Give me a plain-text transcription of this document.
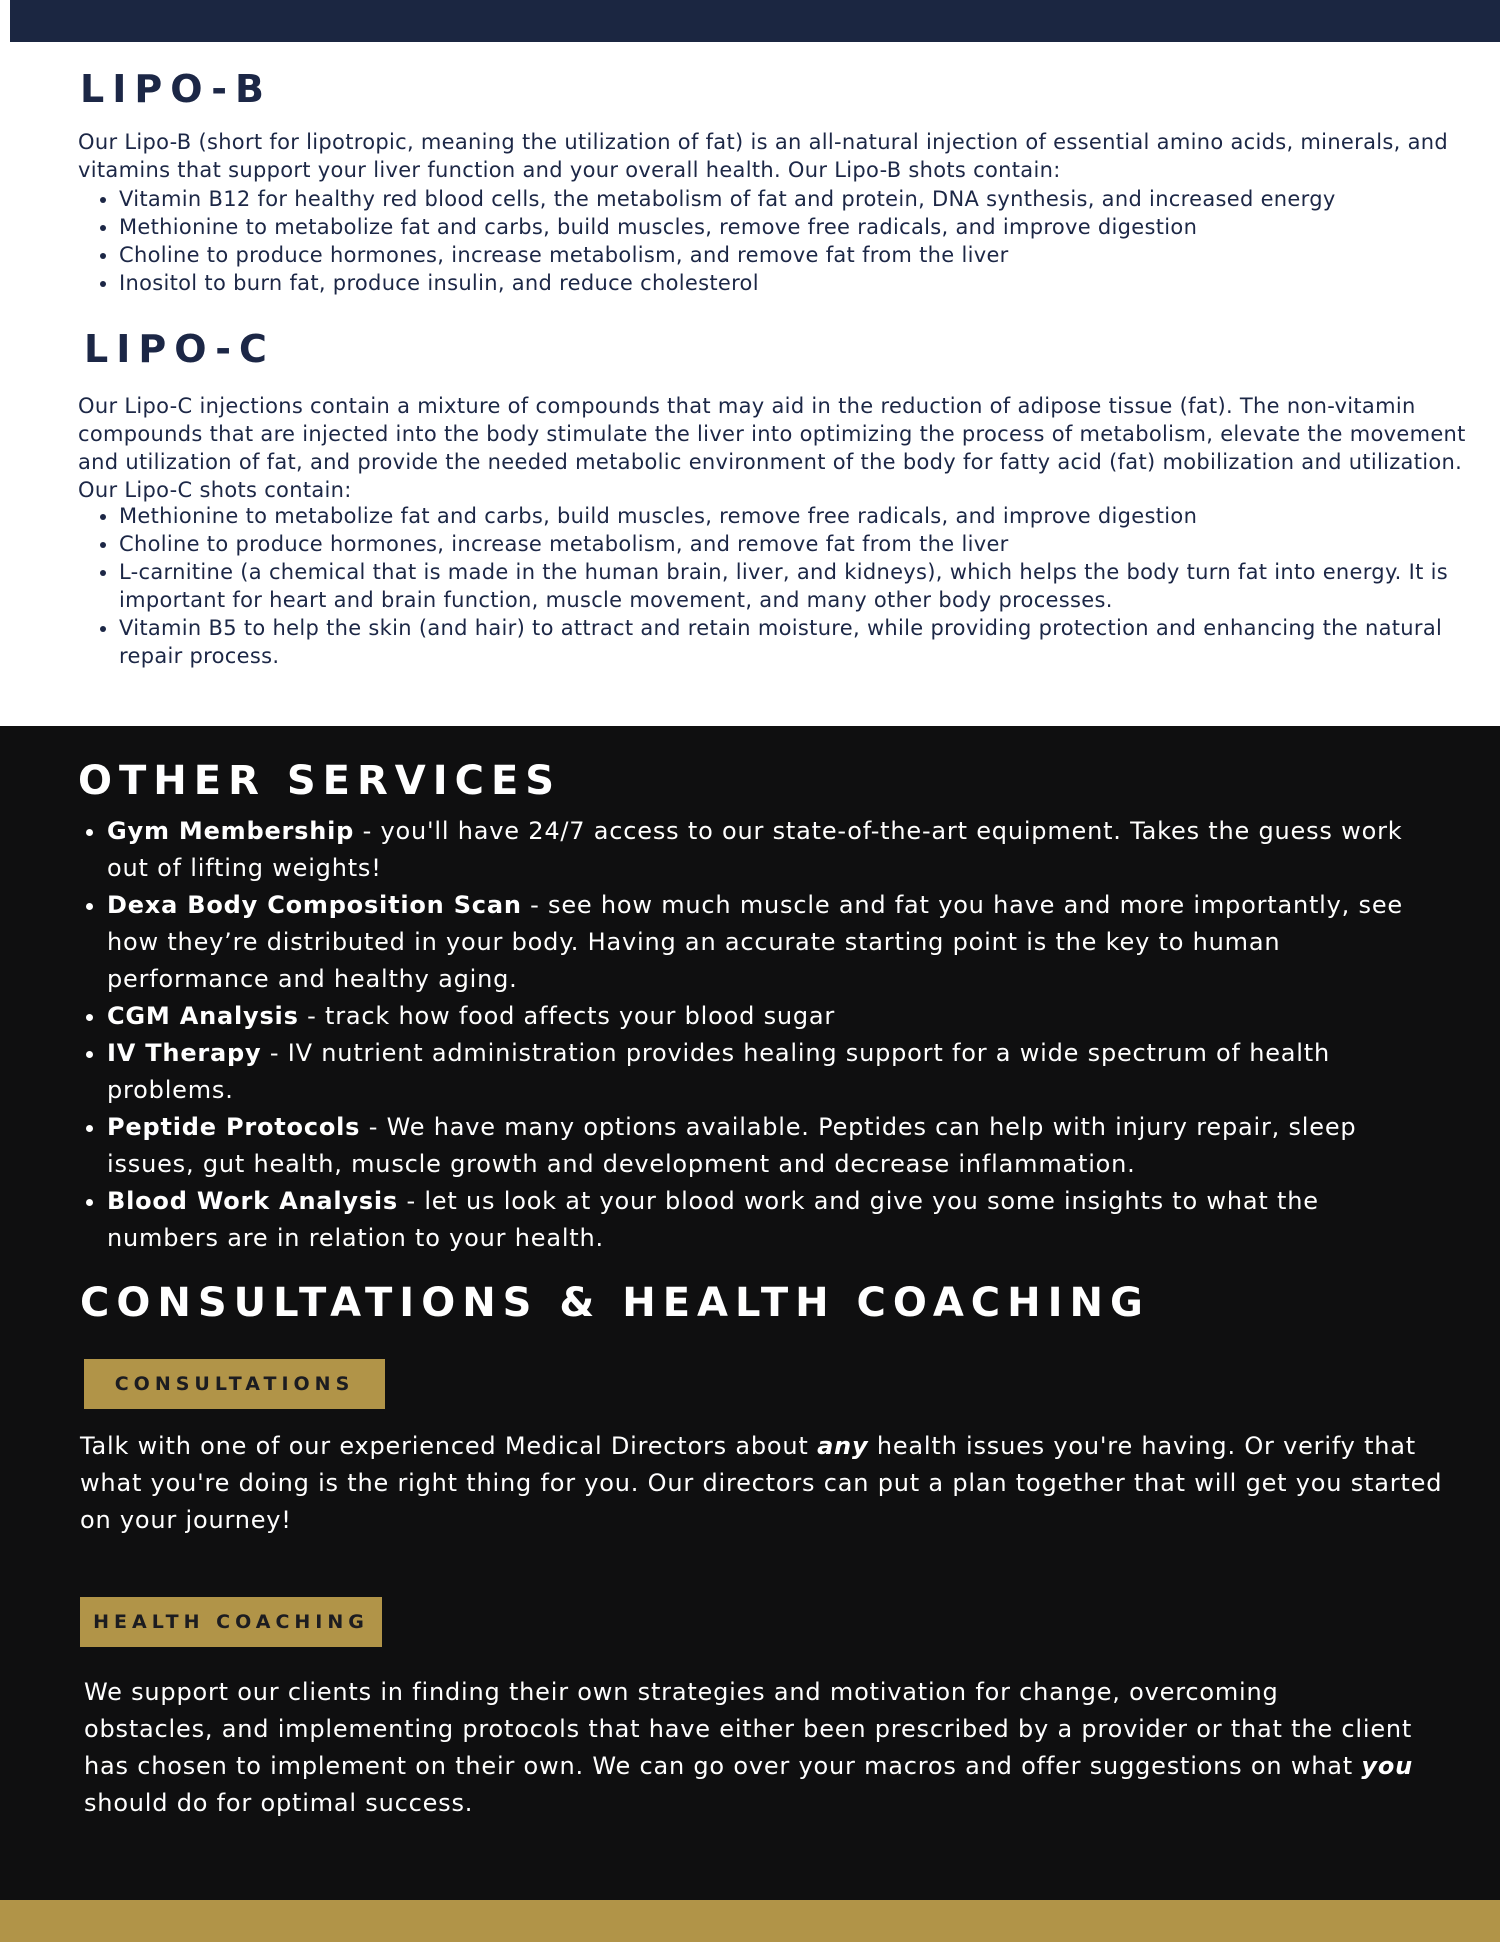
LIPO-B

Our Lipo-B (short for lipotropic, meaning the utilization of fat) is an all-natural injection of essential amino acids, minerals, and vitamins that support your liver function and your overall health. Our Lipo-B shots contain:

• Vitamin B12 for healthy red blood cells, the metabolism of fat and protein, DNA synthesis, and increased energy
• Methionine to metabolize fat and carbs, build muscles, remove free radicals, and improve digestion
• Choline to produce hormones, increase metabolism, and remove fat from the liver
• Inositol to burn fat, produce insulin, and reduce cholesterol
LIPO-C

Our Lipo-C injections contain a mixture of compounds that may aid in the reduction of adipose tissue (fat). The non-vitamin compounds that are injected into the body stimulate the liver into optimizing the process of metabolism, elevate the movement and utilization of fat, and provide the needed metabolic environment of the body for fatty acid (fat) mobilization and utilization. Our Lipo-C shots contain:

• Methionine to metabolize fat and carbs, build muscles, remove free radicals, and improve digestion
• Choline to produce hormones, increase metabolism, and remove fat from the liver
• L-carnitine (a chemical that is made in the human brain, liver, and kidneys), which helps the body turn fat into energy. It is important for heart and brain function, muscle movement, and many other body processes.
• Vitamin B5 to help the skin (and hair) to attract and retain moisture, while providing protection and enhancing the natural repair process.
OTHER SERVICES
• Gym Membership - you'll have 24/7 access to our state-of-the-art equipment. Takes the guess work out of lifting weights!
• Dexa Body Composition Scan - see how much muscle and fat you have and more importantly, see how they’re distributed in your body. Having an accurate starting point is the key to human performance and healthy aging.
• CGM Analysis - track how food affects your blood sugar
• IV Therapy - IV nutrient administration provides healing support for a wide spectrum of health problems.
• Peptide Protocols - We have many options available. Peptides can help with injury repair, sleep issues, gut health, muscle growth and development and decrease inflammation.
• Blood Work Analysis - let us look at your blood work and give you some insights to what the numbers are in relation to your health.
CONSULTATIONS & HEALTH COACHING
CONSULTATIONS

Talk with one of our experienced Medical Directors about any health issues you're having. Or verify that what you're doing is the right thing for you. Our directors can put a plan together that will get you started on your journey!

HEALTH COACHING

We support our clients in finding their own strategies and motivation for change, overcoming obstacles, and implementing protocols that have either been prescribed by a provider or that the client has chosen to implement on their own. We can go over your macros and offer suggestions on what you should do for optimal success.
